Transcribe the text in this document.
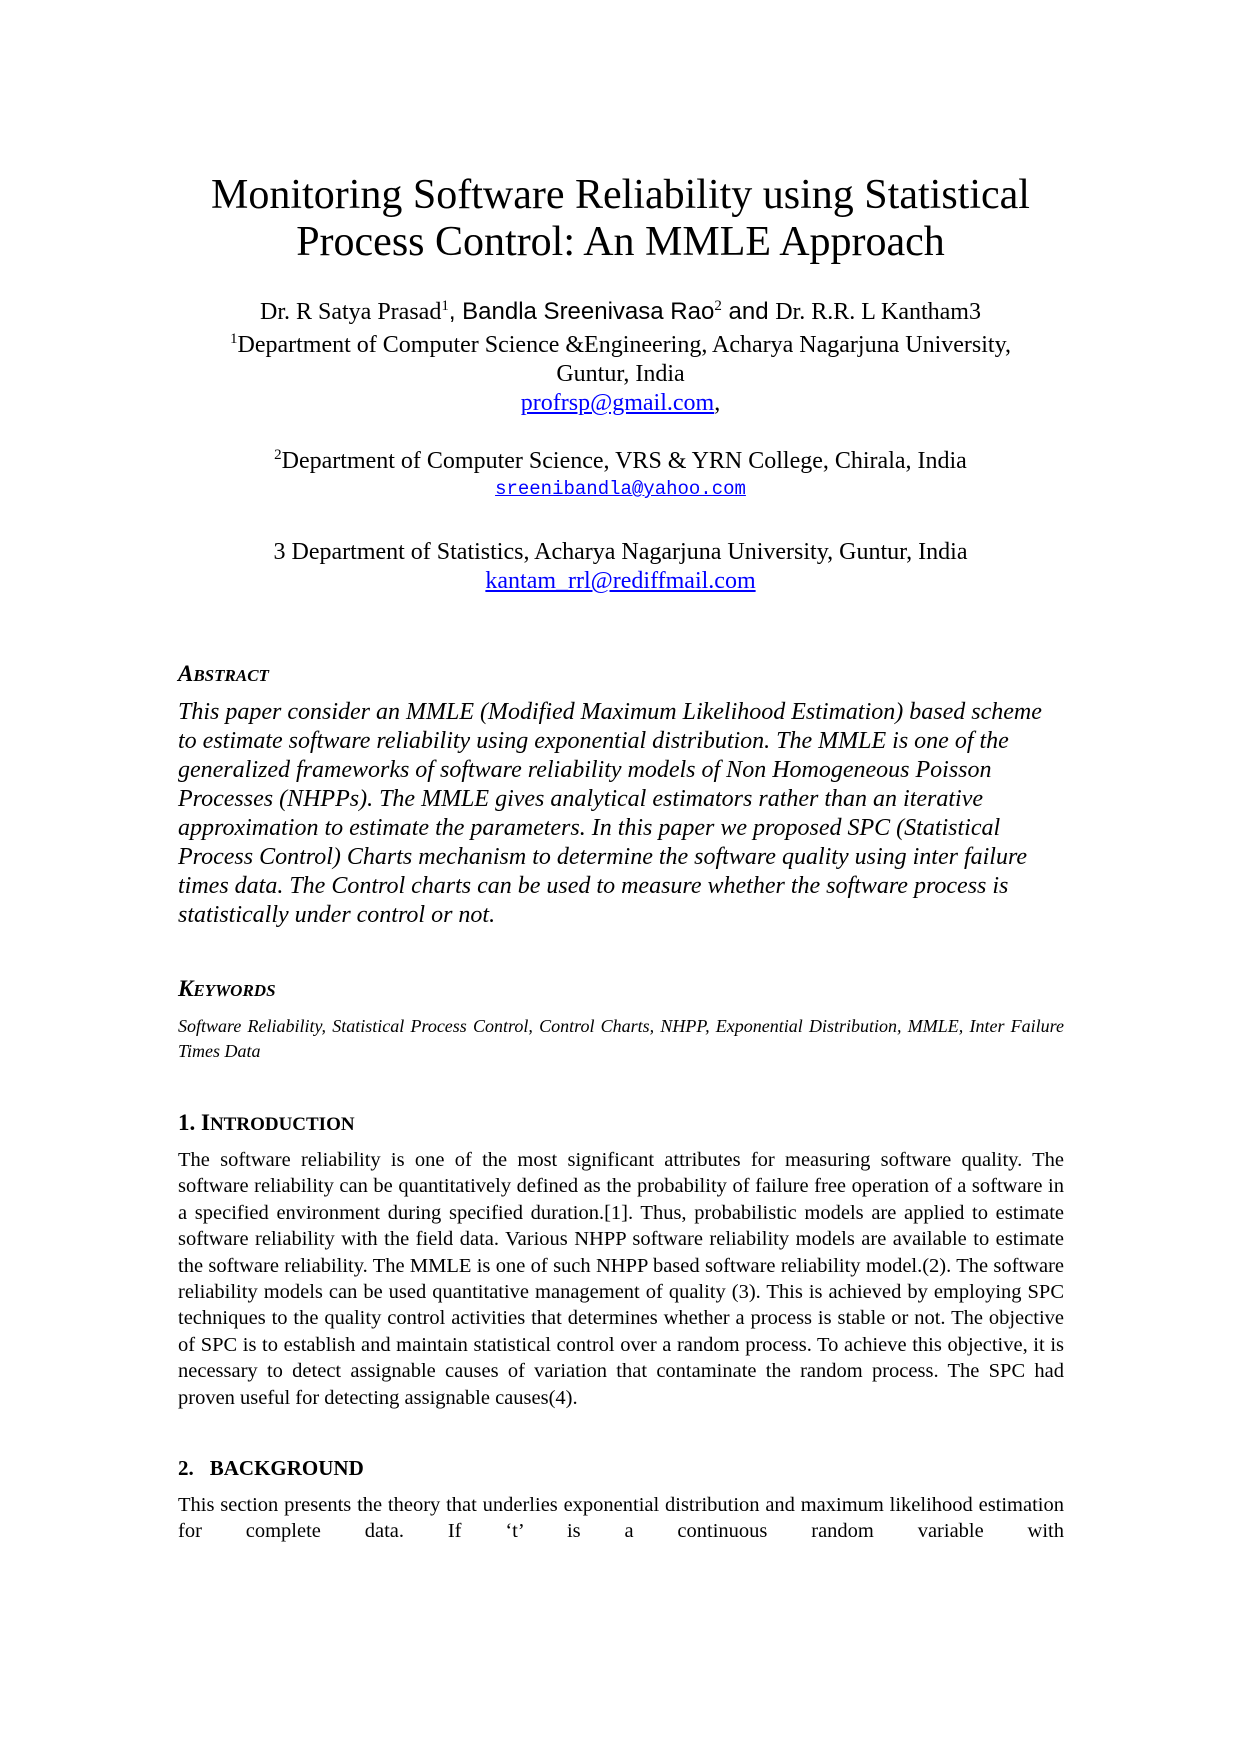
Monitoring Software Reliability using Statistical
Process Control: An MMLE Approach
Dr. R Satya Prasad$^1$, Bandla Sreenivasa Rao$^2$ and Dr. R.R. L Kantham3
$^1$Department of Computer Science &Engineering, Acharya Nagarjuna University,
Guntur, India
profrsp@gmail.com,
$^2$Department of Computer Science, VRS & YRN College, Chirala, India
sreenibandla@yahoo.com
3 Department of Statistics, Acharya Nagarjuna University, Guntur, India
kantam_rrl@rediffmail.com
ABSTRACT
This paper consider an MMLE (Modified Maximum Likelihood Estimation) based scheme to estimate software reliability using exponential distribution. The MMLE is one of the generalized frameworks of software reliability models of Non Homogeneous Poisson Processes (NHPPs). The MMLE gives analytical estimators rather than an iterative approximation to estimate the parameters. In this paper we proposed SPC (Statistical Process Control) Charts mechanism to determine the software quality using inter failure times data. The Control charts can be used to measure whether the software process is statistically under control or not.
KEYWORDS
Software Reliability, Statistical Process Control, Control Charts, NHPP, Exponential Distribution, MMLE, Inter Failure Times Data
1. INTRODUCTION
The software reliability is one of the most significant attributes for measuring software quality. The software reliability can be quantitatively defined as the probability of failure free operation of a software in a specified environment during specified duration.[1]. Thus, probabilistic models are applied to estimate software reliability with the field data. Various NHPP software reliability models are available to estimate the software reliability. The MMLE is one of such NHPP based software reliability model.(2). The software reliability models can be used quantitative management of quality (3). This is achieved by employing SPC techniques to the quality control activities that determines whether a process is stable or not. The objective of SPC is to establish and maintain statistical control over a random process. To achieve this objective, it is necessary to detect assignable causes of variation that contaminate the random process. The SPC had proven useful for detecting assignable causes(4).
2. BACKGROUND
This section presents the theory that underlies exponential distribution and maximum likelihood estimation for complete data. If ‘t’ is a continuous random variable with
